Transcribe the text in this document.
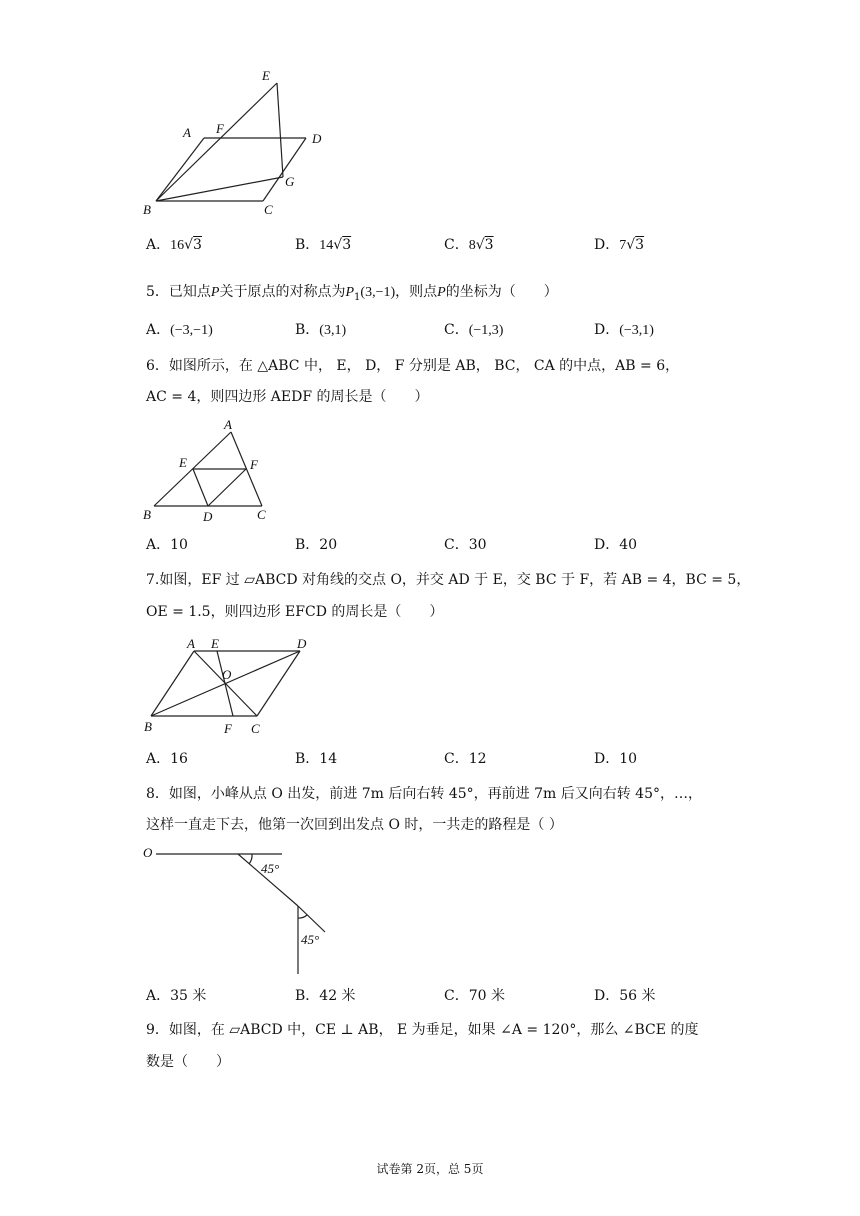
E
F
A	D
G
B	C
A．16√3	B．14√3	C．8√3	D．7√3
5．已知点P关于原点的对称点为$P_1(3,-1)$，则点P的坐标为（　　）
A．(−3,−1)	B．(3,1)	C．(−1,3)	D．(−3,1)
6．如图所示，在 △ABC 中， E， D， F 分别是 AB， BC， CA 的中点，AB = 6，
AC = 4，则四边形 AEDF 的周长是（　　）
A
E	F
B	D	C
A．10	B．20	C．30	D．40
7.如图，EF 过 ▱ABCD 对角线的交点 O，并交 AD 于 E，交 BC 于 F，若 AB = 4，BC = 5，
OE = 1.5，则四边形 EFCD 的周长是（　　）
A E	D
O
B	F C
A．16	B．14	C．12	D．10
8．如图，小峰从点 O 出发，前进 7m 后向右转 45°，再前进 7m 后又向右转 45°，…，
这样一直走下去，他第一次回到出发点 O 时，一共走的路程是（ ）
O
45°
45°
A．35 米	B．42 米	C．70 米	D．56 米
9．如图，在 ▱ABCD 中，CE ⊥ AB， E 为垂足，如果 ∠A = 120°，那么 ∠BCE 的度
数是（　　）
试卷第 2页，总 5页
